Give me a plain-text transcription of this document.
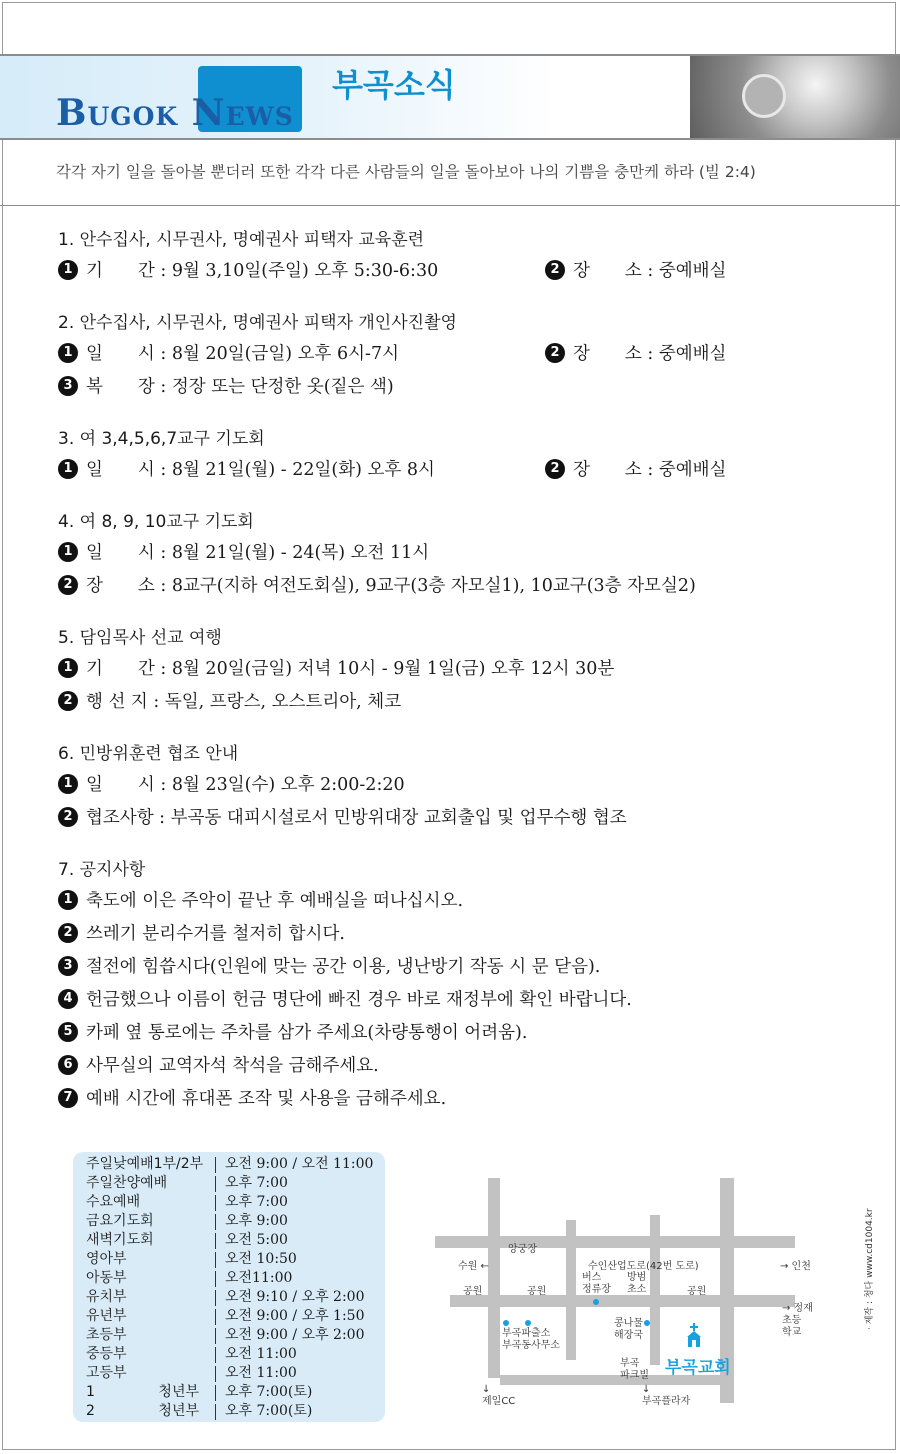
BUGOK NEWS
부곡소식
각각 자기 일을 돌아볼 뿐더러 또한 각각 다른 사람들의 일을 돌아보아 나의 기쁨을 충만케 하라 (빌 2:4)
1. 안수집사, 시무권사, 명예권사 피택자 교육훈련
1 기　　간 : 9월 3,10일(주일) 오후 5:30-6:30	2 장　　소 : 중예배실
2. 안수집사, 시무권사, 명예권사 피택자 개인사진촬영
1 일　　시 : 8월 20일(금일) 오후 6시-7시	2 장　　소 : 중예배실
3 복　　장 : 정장 또는 단정한 옷(짙은 색)
3. 여 3,4,5,6,7교구 기도회
1 일　　시 : 8월 21일(월) - 22일(화) 오후 8시	2 장　　소 : 중예배실
4. 여 8, 9, 10교구 기도회
1 일　　시 : 8월 21일(월) - 24(목) 오전 11시
2 장　　소 : 8교구(지하 여전도회실), 9교구(3층 자모실1), 10교구(3층 자모실2)
5. 담임목사 선교 여행
1 기　　간 : 8월 20일(금일) 저녁 10시 - 9월 1일(금) 오후 12시 30분
2 행 선 지 : 독일, 프랑스, 오스트리아, 체코
6. 민방위훈련 협조 안내
1 일　　시 : 8월 23일(수) 오후 2:00-2:20
2 협조사항 : 부곡동 대피시설로서 민방위대장 교회출입 및 업무수행 협조
7. 공지사항
1 축도에 이은 주악이 끝난 후 예배실을 떠나십시오.
2 쓰레기 분리수거를 철저히 합시다.
3 절전에 힘씁시다(인원에 맞는 공간 이용, 냉난방기 작동 시 문 닫음).
4 헌금했으나 이름이 헌금 명단에 빠진 경우 바로 재정부에 확인 바랍니다.
5 카페 옆 통로에는 주차를 삼가 주세요(차량통행이 어려움).
6 사무실의 교역자석 착석을 금해주세요.
7 예배 시간에 휴대폰 조작 및 사용을 금해주세요.
주일낮예배1부/2부 오전 9:00 / 오전 11:00
주일찬양예배	오후 7:00
수요예배	오후 7:00
금요기도회	오후 9:00
새벽기도회	오전 5:00
영아부	오전 10:50
아동부	오전11:00
유치부	오전 9:10 / 오후 2:00
유년부	오전 9:00 / 오후 1:50
초등부	오전 9:00 / 오후 2:00
중등부	오전 11:00
고등부	오전 11:00
1 청년부 오후 7:00(토)
2 청년부 오후 7:00(토)
앙궁장
수원 ←	수인산업도로(42번 도로)	→ 인천
공원	공원
버스
정류장
방범
초소	공원
→ 정재
초등
학교
부곡파출소
부곡동사무소
콩나물
해장국
부곡
파크빌 부곡교회
↓
제일CC
↓
부곡플라자
· 제작 : 청다 www.cd1004.kr
